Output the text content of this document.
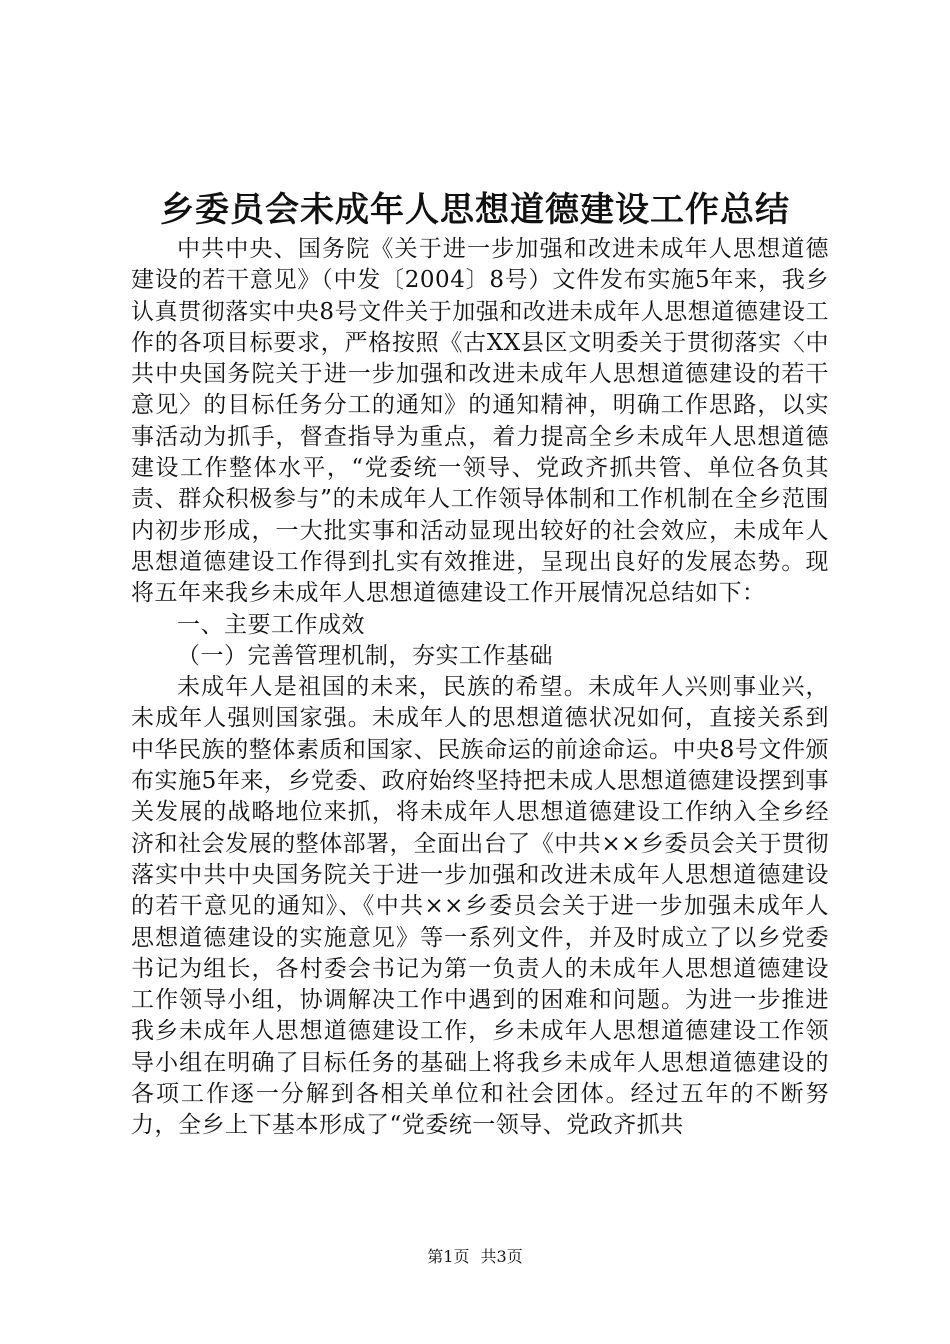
乡委员会未成年人思想道德建设工作总结

中共中央、国务院《关于进一步加强和改进未成年人思想道德建设的若干意见》（中发〔2004〕8号）文件发布实施5年来，我乡认真贯彻落实中央8号文件关于加强和改进未成年人思想道德建设工作的各项目标要求，严格按照《古XX县区文明委关于贯彻落实〈中共中央国务院关于进一步加强和改进未成年人思想道德建设的若干意见〉的目标任务分工的通知》的通知精神，明确工作思路，以实事活动为抓手，督查指导为重点，着力提高全乡未成年人思想道德建设工作整体水平，“党委统一领导、党政齐抓共管、单位各负其责、群众积极参与”的未成年人工作领导体制和工作机制在全乡范围内初步形成，一大批实事和活动显现出较好的社会效应，未成年人思想道德建设工作得到扎实有效推进，呈现出良好的发展态势。现将五年来我乡未成年人思想道德建设工作开展情况总结如下：

一、主要工作成效

（一）完善管理机制，夯实工作基础

未成年人是祖国的未来，民族的希望。未成年人兴则事业兴，未成年人强则国家强。未成年人的思想道德状况如何，直接关系到中华民族的整体素质和国家、民族命运的前途命运。中央8号文件颁布实施5年来，乡党委、政府始终坚持把未成人思想道德建设摆到事关发展的战略地位来抓，将未成年人思想道德建设工作纳入全乡经济和社会发展的整体部署，全面出台了《中共××乡委员会关于贯彻落实中共中央国务院关于进一步加强和改进未成年人思想道德建设的若干意见的通知》、《中共××乡委员会关于进一步加强未成年人思想道德建设的实施意见》等一系列文件，并及时成立了以乡党委书记为组长，各村委会书记为第一负责人的未成年人思想道德建设工作领导小组，协调解决工作中遇到的困难和问题。为进一步推进我乡未成年人思想道德建设工作，乡未成年人思想道德建设工作领导小组在明确了目标任务的基础上将我乡未成年人思想道德建设的各项工作逐一分解到各相关单位和社会团体。经过五年的不断努力，全乡上下基本形成了“党委统一领导、党政齐抓共

第1页 共3页
